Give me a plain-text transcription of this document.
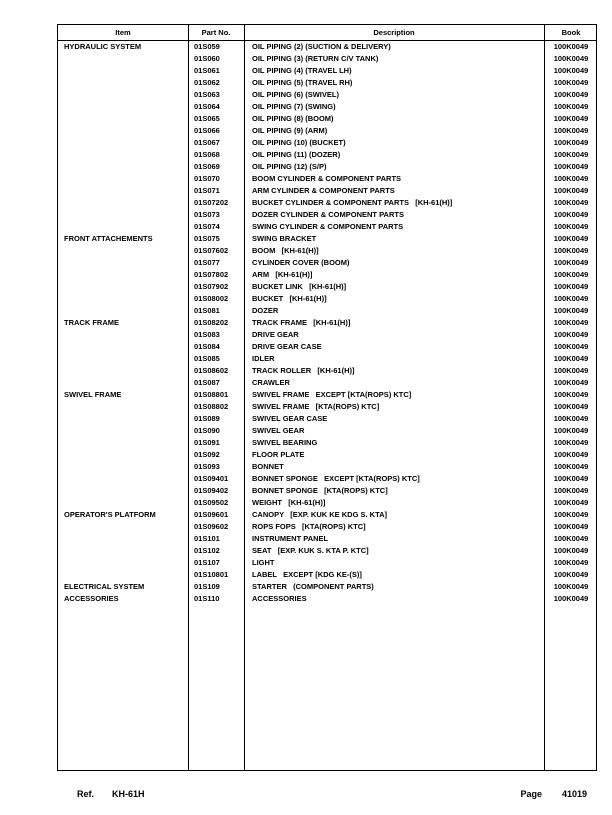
Item	Part No.	Description	Book
HYDRAULIC SYSTEM	01S059	OIL PIPING (2) (SUCTION & DELIVERY)	100K0049
01S060	OIL PIPING (3) (RETURN C/V TANK)	100K0049
01S061	OIL PIPING (4) (TRAVEL LH)	100K0049
01S062	OIL PIPING (5) (TRAVEL RH)	100K0049
01S063	OIL PIPING (6) (SWIVEL)	100K0049
01S064	OIL PIPING (7) (SWING)	100K0049
01S065	OIL PIPING (8) (BOOM)	100K0049
01S066	OIL PIPING (9) (ARM)	100K0049
01S067	OIL PIPING (10) (BUCKET)	100K0049
01S068	OIL PIPING (11) (DOZER)	100K0049
01S069	OIL PIPING (12) (S/P)	100K0049
01S070	BOOM CYLINDER & COMPONENT PARTS	100K0049
01S071	ARM CYLINDER & COMPONENT PARTS	100K0049
01S07202	BUCKET CYLINDER & COMPONENT PARTS   [KH-61(H)]	100K0049
01S073	DOZER CYLINDER & COMPONENT PARTS	100K0049
01S074	SWING CYLINDER & COMPONENT PARTS	100K0049
FRONT ATTACHEMENTS	01S075	SWING BRACKET	100K0049
01S07602	BOOM   [KH-61(H)]	100K0049
01S077	CYLINDER COVER (BOOM)	100K0049
01S07802	ARM   [KH-61(H)]	100K0049
01S07902	BUCKET LINK   [KH-61(H)]	100K0049
01S08002	BUCKET   [KH-61(H)]	100K0049
01S081	DOZER	100K0049
TRACK FRAME	01S08202	TRACK FRAME   [KH-61(H)]	100K0049
01S083	DRIVE GEAR	100K0049
01S084	DRIVE GEAR CASE	100K0049
01S085	IDLER	100K0049
01S08602	TRACK ROLLER   [KH-61(H)]	100K0049
01S087	CRAWLER	100K0049
SWIVEL FRAME	01S08801	SWIVEL FRAME   EXCEPT [KTA(ROPS) KTC]	100K0049
01S08802	SWIVEL FRAME   [KTA(ROPS) KTC]	100K0049
01S089	SWIVEL GEAR CASE	100K0049
01S090	SWIVEL GEAR	100K0049
01S091	SWIVEL BEARING	100K0049
01S092	FLOOR PLATE	100K0049
01S093	BONNET	100K0049
01S09401	BONNET SPONGE   EXCEPT [KTA(ROPS) KTC]	100K0049
01S09402	BONNET SPONGE   [KTA(ROPS) KTC]	100K0049
01S09502	WEIGHT   [KH-61(H)]	100K0049
OPERATOR'S PLATFORM	01S09601	CANOPY   [EXP. KUK KE KDG S. KTA]	100K0049
01S09602	ROPS FOPS   [KTA(ROPS) KTC]	100K0049
01S101	INSTRUMENT PANEL	100K0049
01S102	SEAT   [EXP. KUK S. KTA P. KTC]	100K0049
01S107	LIGHT	100K0049
01S10801	LABEL   EXCEPT [KDG KE-(S)]	100K0049
ELECTRICAL SYSTEM	01S109	STARTER   (COMPONENT PARTS)	100K0049
ACCESSORIES	01S110	ACCESSORIES	100K0049

Ref. KH-61H
	Page 41019
